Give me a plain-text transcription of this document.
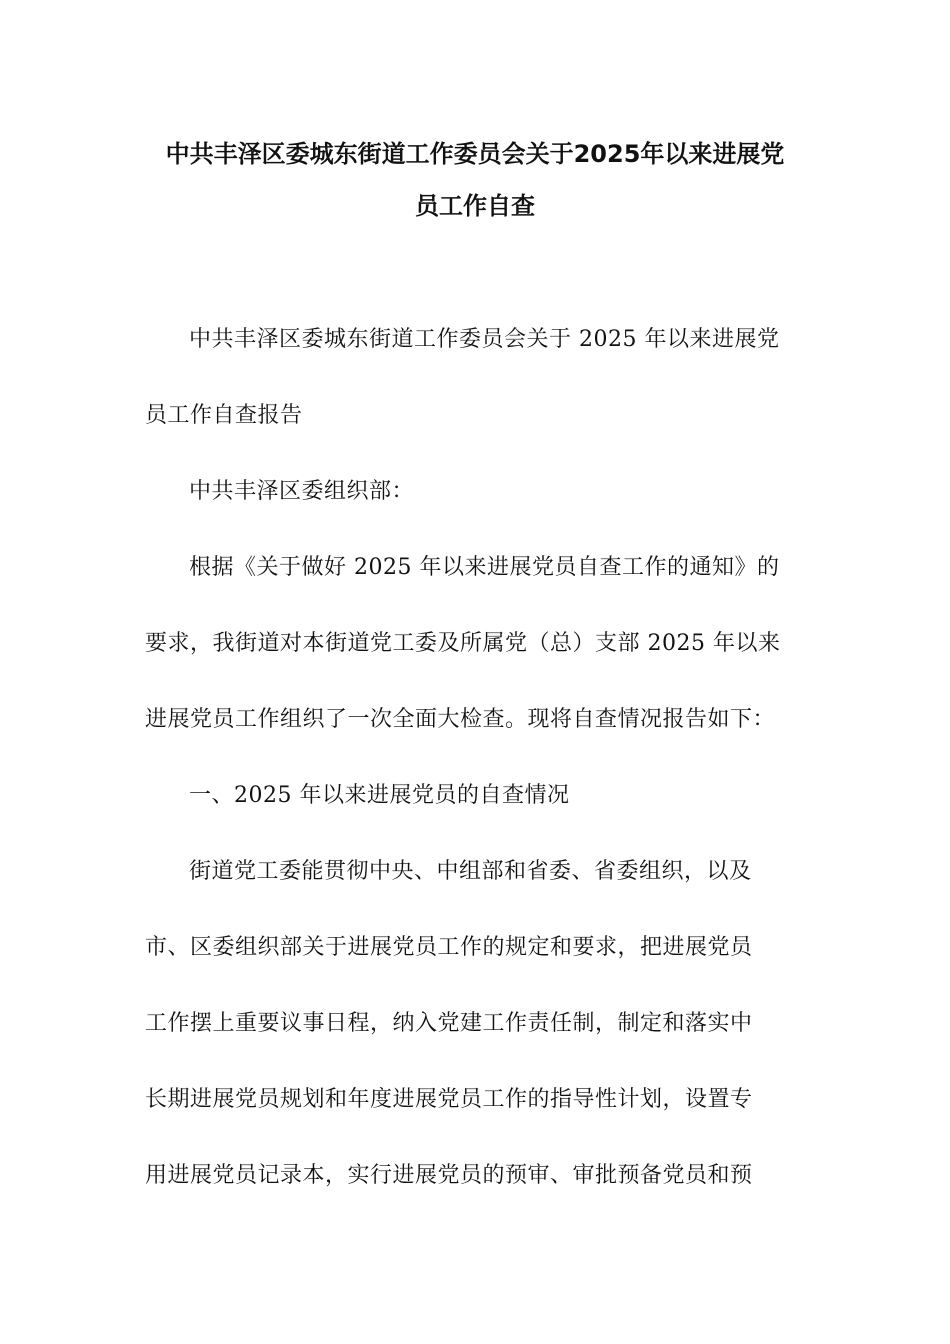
中共丰泽区委城东街道工作委员会关于2025年以来进展党
员工作自查

中共丰泽区委城东街道工作委员会关于 2025 年以来进展党
员工作自查报告

中共丰泽区委组织部：

根据《关于做好 2025 年以来进展党员自查工作的通知》的
要求，我街道对本街道党工委及所属党（总）支部 2025 年以来
进展党员工作组织了一次全面大检查。现将自查情况报告如下：

一、2025 年以来进展党员的自查情况

街道党工委能贯彻中央、中组部和省委、省委组织，以及
市、区委组织部关于进展党员工作的规定和要求，把进展党员
工作摆上重要议事日程，纳入党建工作责任制，制定和落实中
长期进展党员规划和年度进展党员工作的指导性计划，设置专
用进展党员记录本，实行进展党员的预审、审批预备党员和预
